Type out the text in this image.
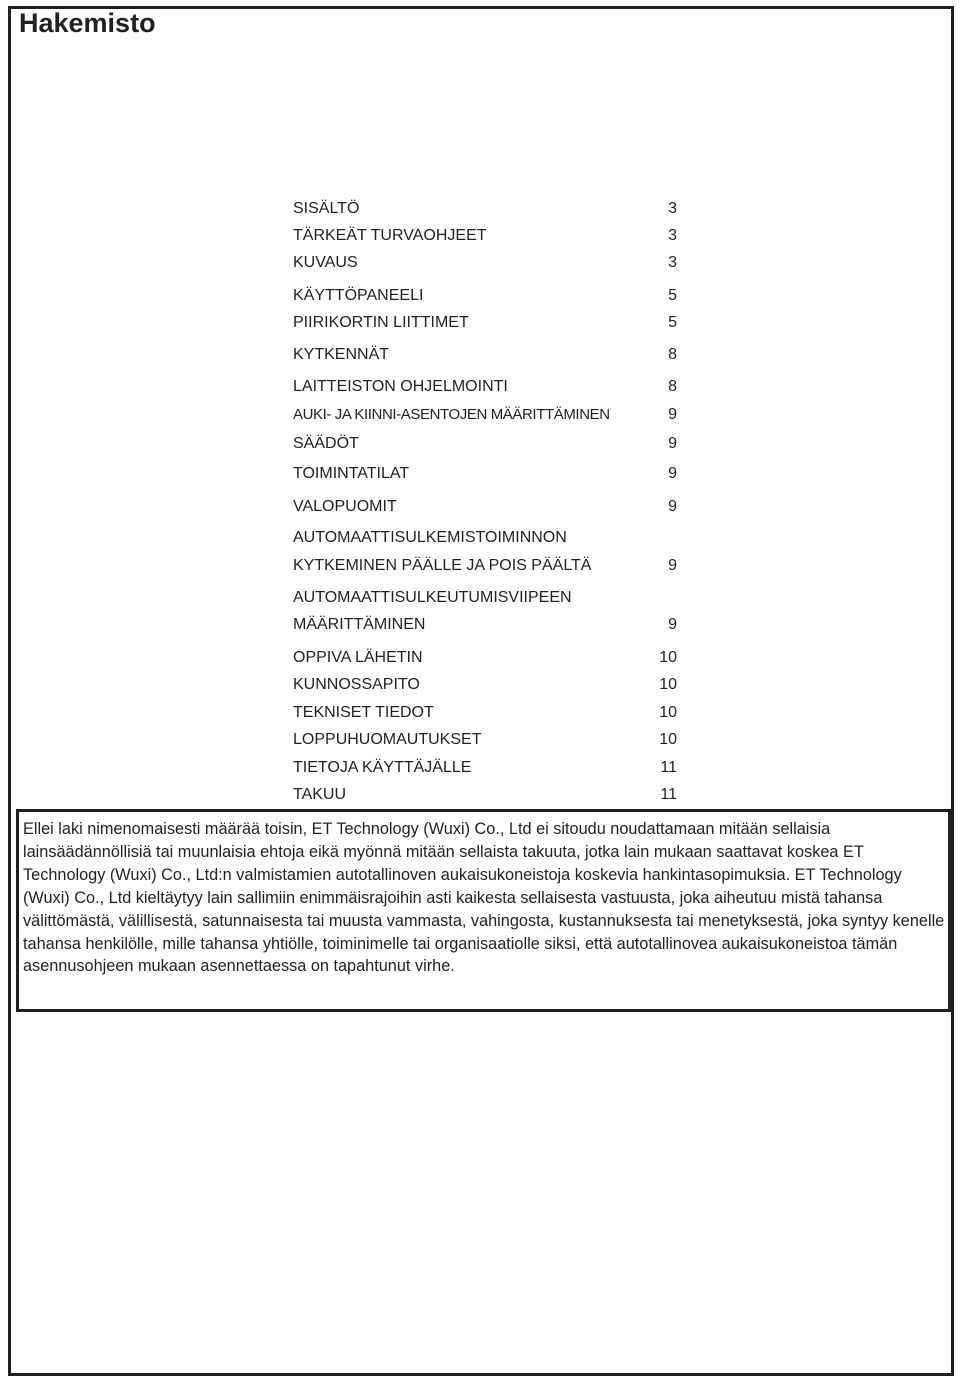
Hakemisto
SISÄLTÖ	3
TÄRKEÄT TURVAOHJEET	3
KUVAUS	3
KÄYTTÖPANEELI	5
PIIRIKORTIN LIITTIMET	5
KYTKENNÄT	8
LAITTEISTON OHJELMOINTI	8
AUKI- JA KIINNI-ASENTOJEN MÄÄRITTÄMINEN	9
SÄÄDÖT	9
TOIMINTATILAT	9
VALOPUOMIT	9
AUTOMAATTISULKEMISTOIMINNON
KYTKEMINEN PÄÄLLE JA POIS PÄÄLTÄ	9
AUTOMAATTISULKEUTUMISVIIPEEN
MÄÄRITTÄMINEN	9
OPPIVA LÄHETIN	10
KUNNOSSAPITO	10
TEKNISET TIEDOT	10
LOPPUHUOMAUTUKSET	10
TIETOJA KÄYTTÄJÄLLE	11
TAKUU	11

Ellei laki nimenomaisesti määrää toisin, ET Technology (Wuxi) Co., Ltd ei sitoudu noudattamaan mitään sellaisia lainsäädännöllisiä tai muunlaisia ehtoja eikä myönnä mitään sellaista takuuta, jotka lain mukaan saattavat koskea ET Technology (Wuxi) Co., Ltd:n valmistamien autotallinoven aukaisukoneistoja koskevia hankintasopimuksia. ET Technology (Wuxi) Co., Ltd kieltäytyy lain sallimiin enimmäisrajoihin asti kaikesta sellaisesta vastuusta, joka aiheutuu mistä tahansa välittömästä, välillisestä, satunnaisesta tai muusta vammasta, vahingosta, kustannuksesta tai menetyksestä, joka syntyy kenelle tahansa henkilölle, mille tahansa yhtiölle, toiminimelle tai organisaatiolle siksi, että autotallinovea aukaisukoneistoa tämän asennusohjeen mukaan asennettaessa on tapahtunut virhe.
